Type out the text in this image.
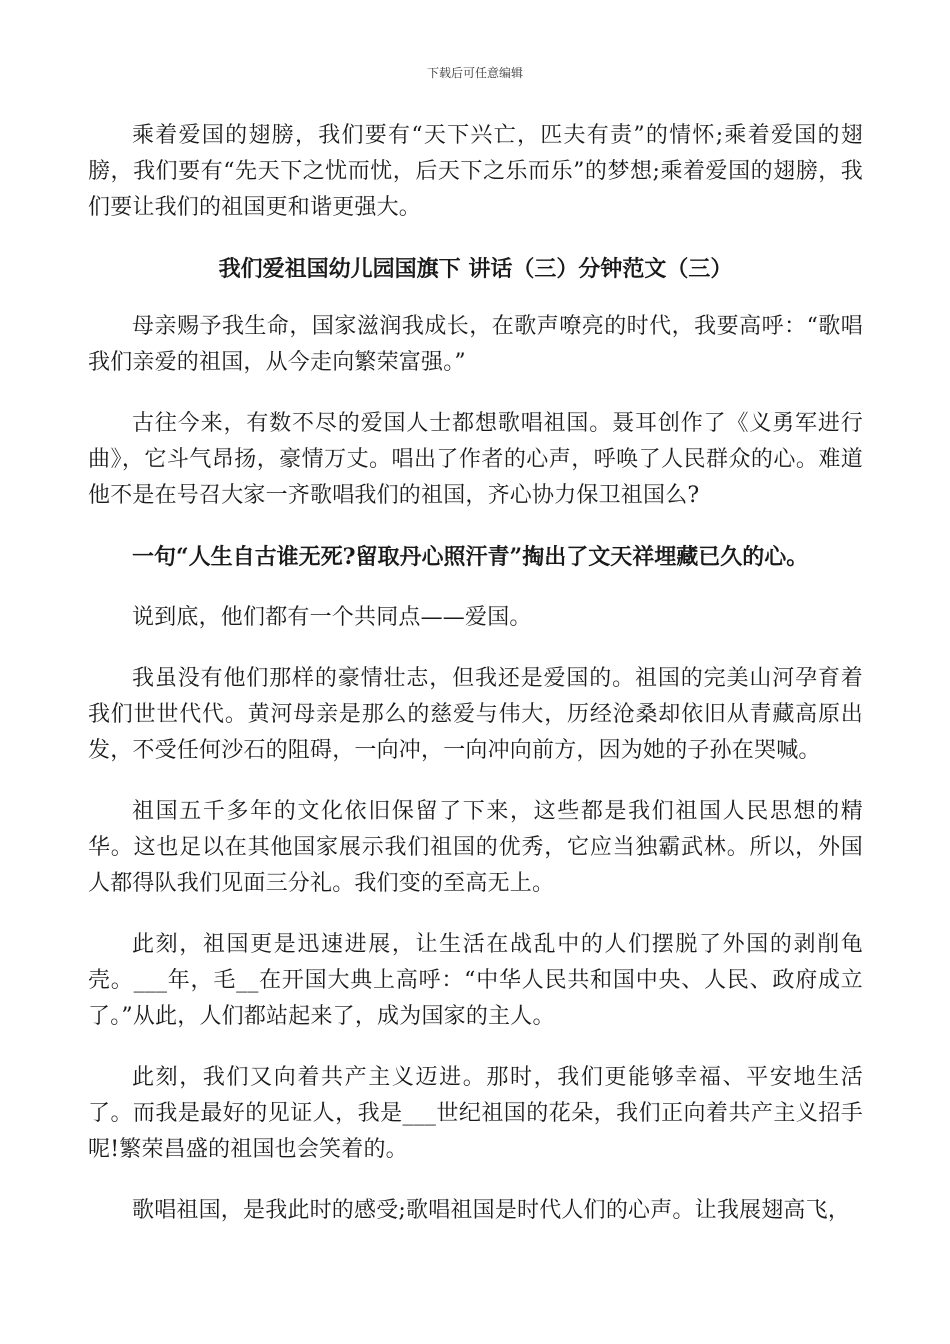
下载后可任意编辑

乘着爱国的翅膀，我们要有“天下兴亡，匹夫有责”的情怀;乘着爱国的翅膀，我们要有“先天下之忧而忧，后天下之乐而乐”的梦想;乘着爱国的翅膀，我们要让我们的祖国更和谐更强大。

我们爱祖国幼儿园国旗下 讲话（三）分钟范文（三）

母亲赐予我生命，国家滋润我成长，在歌声嘹亮的时代，我要高呼：“歌唱我们亲爱的祖国，从今走向繁荣富强。”

古往今来，有数不尽的爱国人士都想歌唱祖国。聂耳创作了《义勇军进行曲》，它斗气昂扬，豪情万丈。唱出了作者的心声，呼唤了人民群众的心。难道他不是在号召大家一齐歌唱我们的祖国，齐心协力保卫祖国么?

一句“人生自古谁无死?留取丹心照汗青”掏出了文天祥埋藏已久的心。

说到底，他们都有一个共同点——爱国。

我虽没有他们那样的豪情壮志，但我还是爱国的。祖国的完美山河孕育着我们世世代代。黄河母亲是那么的慈爱与伟大，历经沧桑却依旧从青藏高原出发，不受任何沙石的阻碍，一向冲，一向冲向前方，因为她的子孙在哭喊。

祖国五千多年的文化依旧保留了下来，这些都是我们祖国人民思想的精华。这也足以在其他国家展示我们祖国的优秀，它应当独霸武林。所以，外国人都得队我们见面三分礼。我们变的至高无上。

此刻，祖国更是迅速进展，让生活在战乱中的人们摆脱了外国的剥削龟壳。___年，毛__在开国大典上高呼：“中华人民共和国中央、人民、政府成立了。”从此，人们都站起来了，成为国家的主人。

此刻，我们又向着共产主义迈进。那时，我们更能够幸福、平安地生活了。而我是最好的见证人，我是___世纪祖国的花朵，我们正向着共产主义招手呢!繁荣昌盛的祖国也会笑着的。

歌唱祖国，是我此时的感受;歌唱祖国是时代人们的心声。让我展翅高飞，
